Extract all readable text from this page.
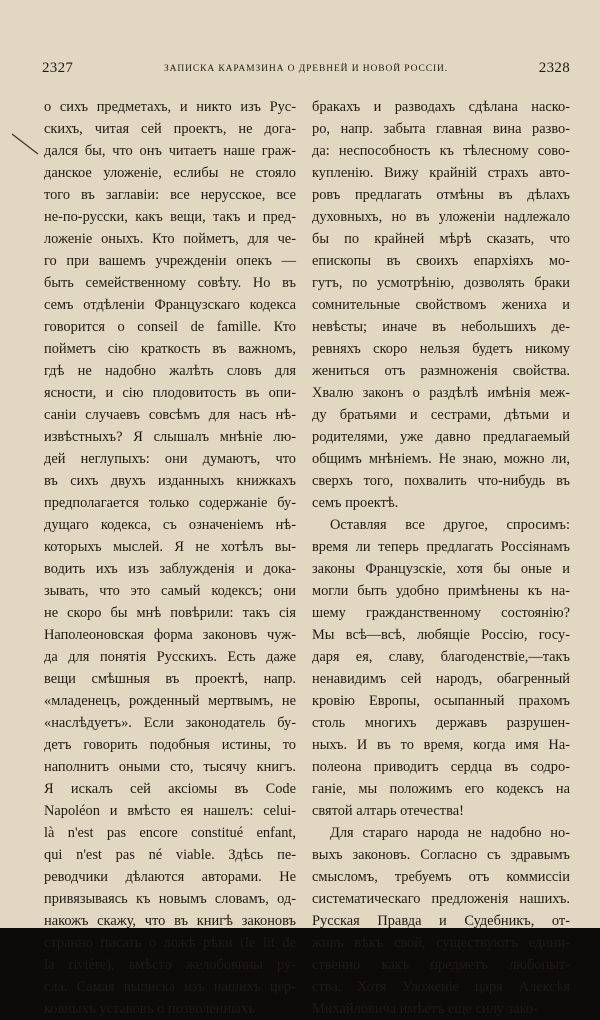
2327	ЗАПИСКА КАРАМЗИНА О ДРЕВНЕЙ И НОВОЙ РОССІИ.	2328
о сихъ предметахъ, и никто изъ Рус-
скихъ, читая сей проектъ, не дога-
дался бы, что онъ читаетъ наше граж-
данское уложеніе, еслибы не стояло
того въ заглавіи: все нерусское, все
не-по-русски, какъ вещи, такъ и пред-
ложеніе оныхъ. Кто пойметъ, для че-
го при вашемъ учрежденіи опекъ —
быть семейственному совѣту. Но въ
семъ отдѣленіи Французскаго кодекса
говорится о conseil de famille. Кто
пойметъ сію краткость въ важномъ,
гдѣ не надобно жалѣть словъ для
ясности, и сію плодовитость въ опи-
саніи случаевъ совсѣмъ для насъ нѣ-
извѣстныхъ? Я слышалъ мнѣніе лю-
дей неглупыхъ: они думаютъ, что
въ сихъ двухъ изданныхъ книжкахъ
предполагается только содержаніе бу-
дущаго кодекса, съ означеніемъ нѣ-
которыхъ мыслей. Я не хотѣлъ вы-
водить ихъ изъ заблужденія и дока-
зывать, что это самый кодексъ; они
не скоро бы мнѣ повѣрили: такъ сія
Наполеоновская форма законовъ чуж-
да для понятія Русскихъ. Есть даже
вещи смѣшныя въ проектѣ, напр.
«младенецъ, рожденный мертвымъ, не
«наслѣдуетъ». Если законодатель бу-
детъ говорить подобныя истины, то
наполнитъ оными сто, тысячу книгъ.
Я искалъ сей аксіомы въ Code
Napoléon и вмѣсто ея нашелъ: celui-
là n'est pas encore constitué enfant,
qui n'est pas né viable. Здѣсь пе-
реводчики дѣлаются авторами. Не
привязываясь къ новымъ словамъ, од-
накожъ скажу, что въ книгѣ законовъ
странно писать о ложѣ рѣки (le lit de
la rivière), вмѣсто желобовины ру-
сла. Самая выписка изъ нашихъ цер-
ковныхъ уставовъ о позволенныхъ
бракахъ и разводахъ сдѣлана наско-
ро, напр. забыта главная вина разво-
да: неспособность къ тѣлесному сово-
купленію. Вижу крайній страхъ авто-
ровъ предлагать отмѣны въ дѣлахъ
духовныхъ, но въ уложеніи надлежало
бы по крайней мѣрѣ сказать, что
епископы въ своихъ епархіяхъ мо-
гутъ, по усмотрѣнію, дозволять браки
сомнительные свойствомъ жениха и
невѣсты; иначе въ небольшихъ де-
ревняхъ скоро нельзя будетъ никому
жениться отъ размноженія свойства.
Хвалю законъ о раздѣлѣ имѣнія меж-
ду братьями и сестрами, дѣтьми и
родителями, уже давно предлагаемый
общимъ мнѣніемъ. Не знаю, можно ли,
сверхъ того, похвалить что-нибудь въ
семъ проектѣ.
Оставляя все другое, спросимъ:
время ли теперь предлагать Россіянамъ
законы Французскіе, хотя бы оные и
могли быть удобно примѣнены къ на-
шему гражданственному состоянію?
Мы всѣ—всѣ, любящіе Россію, госу-
даря ея, славу, благоденствіе,—такъ
ненавидимъ сей народъ, обагренный
кровію Европы, осыпанный прахомъ
столь многихъ державъ разрушен-
ныхъ. И въ то время, когда имя На-
полеона приводитъ сердца въ содро-
ганіе, мы положимъ его кодексъ на
святой алтарь отечества!
Для стараго народа не надобно но-
выхъ законовъ. Согласно съ здравымъ
смысломъ, требуемъ отъ коммиссіи
систематическаго предложенія нашихъ.
Русская Правда и Судебникъ, от-
живъ вѣкъ свой, существуютъ едини-
ственно какъ предметъ любопыт-
ства. Хотя Уложеніе царя Алексѣя
Михайловича имѣетъ еще силу зако-
